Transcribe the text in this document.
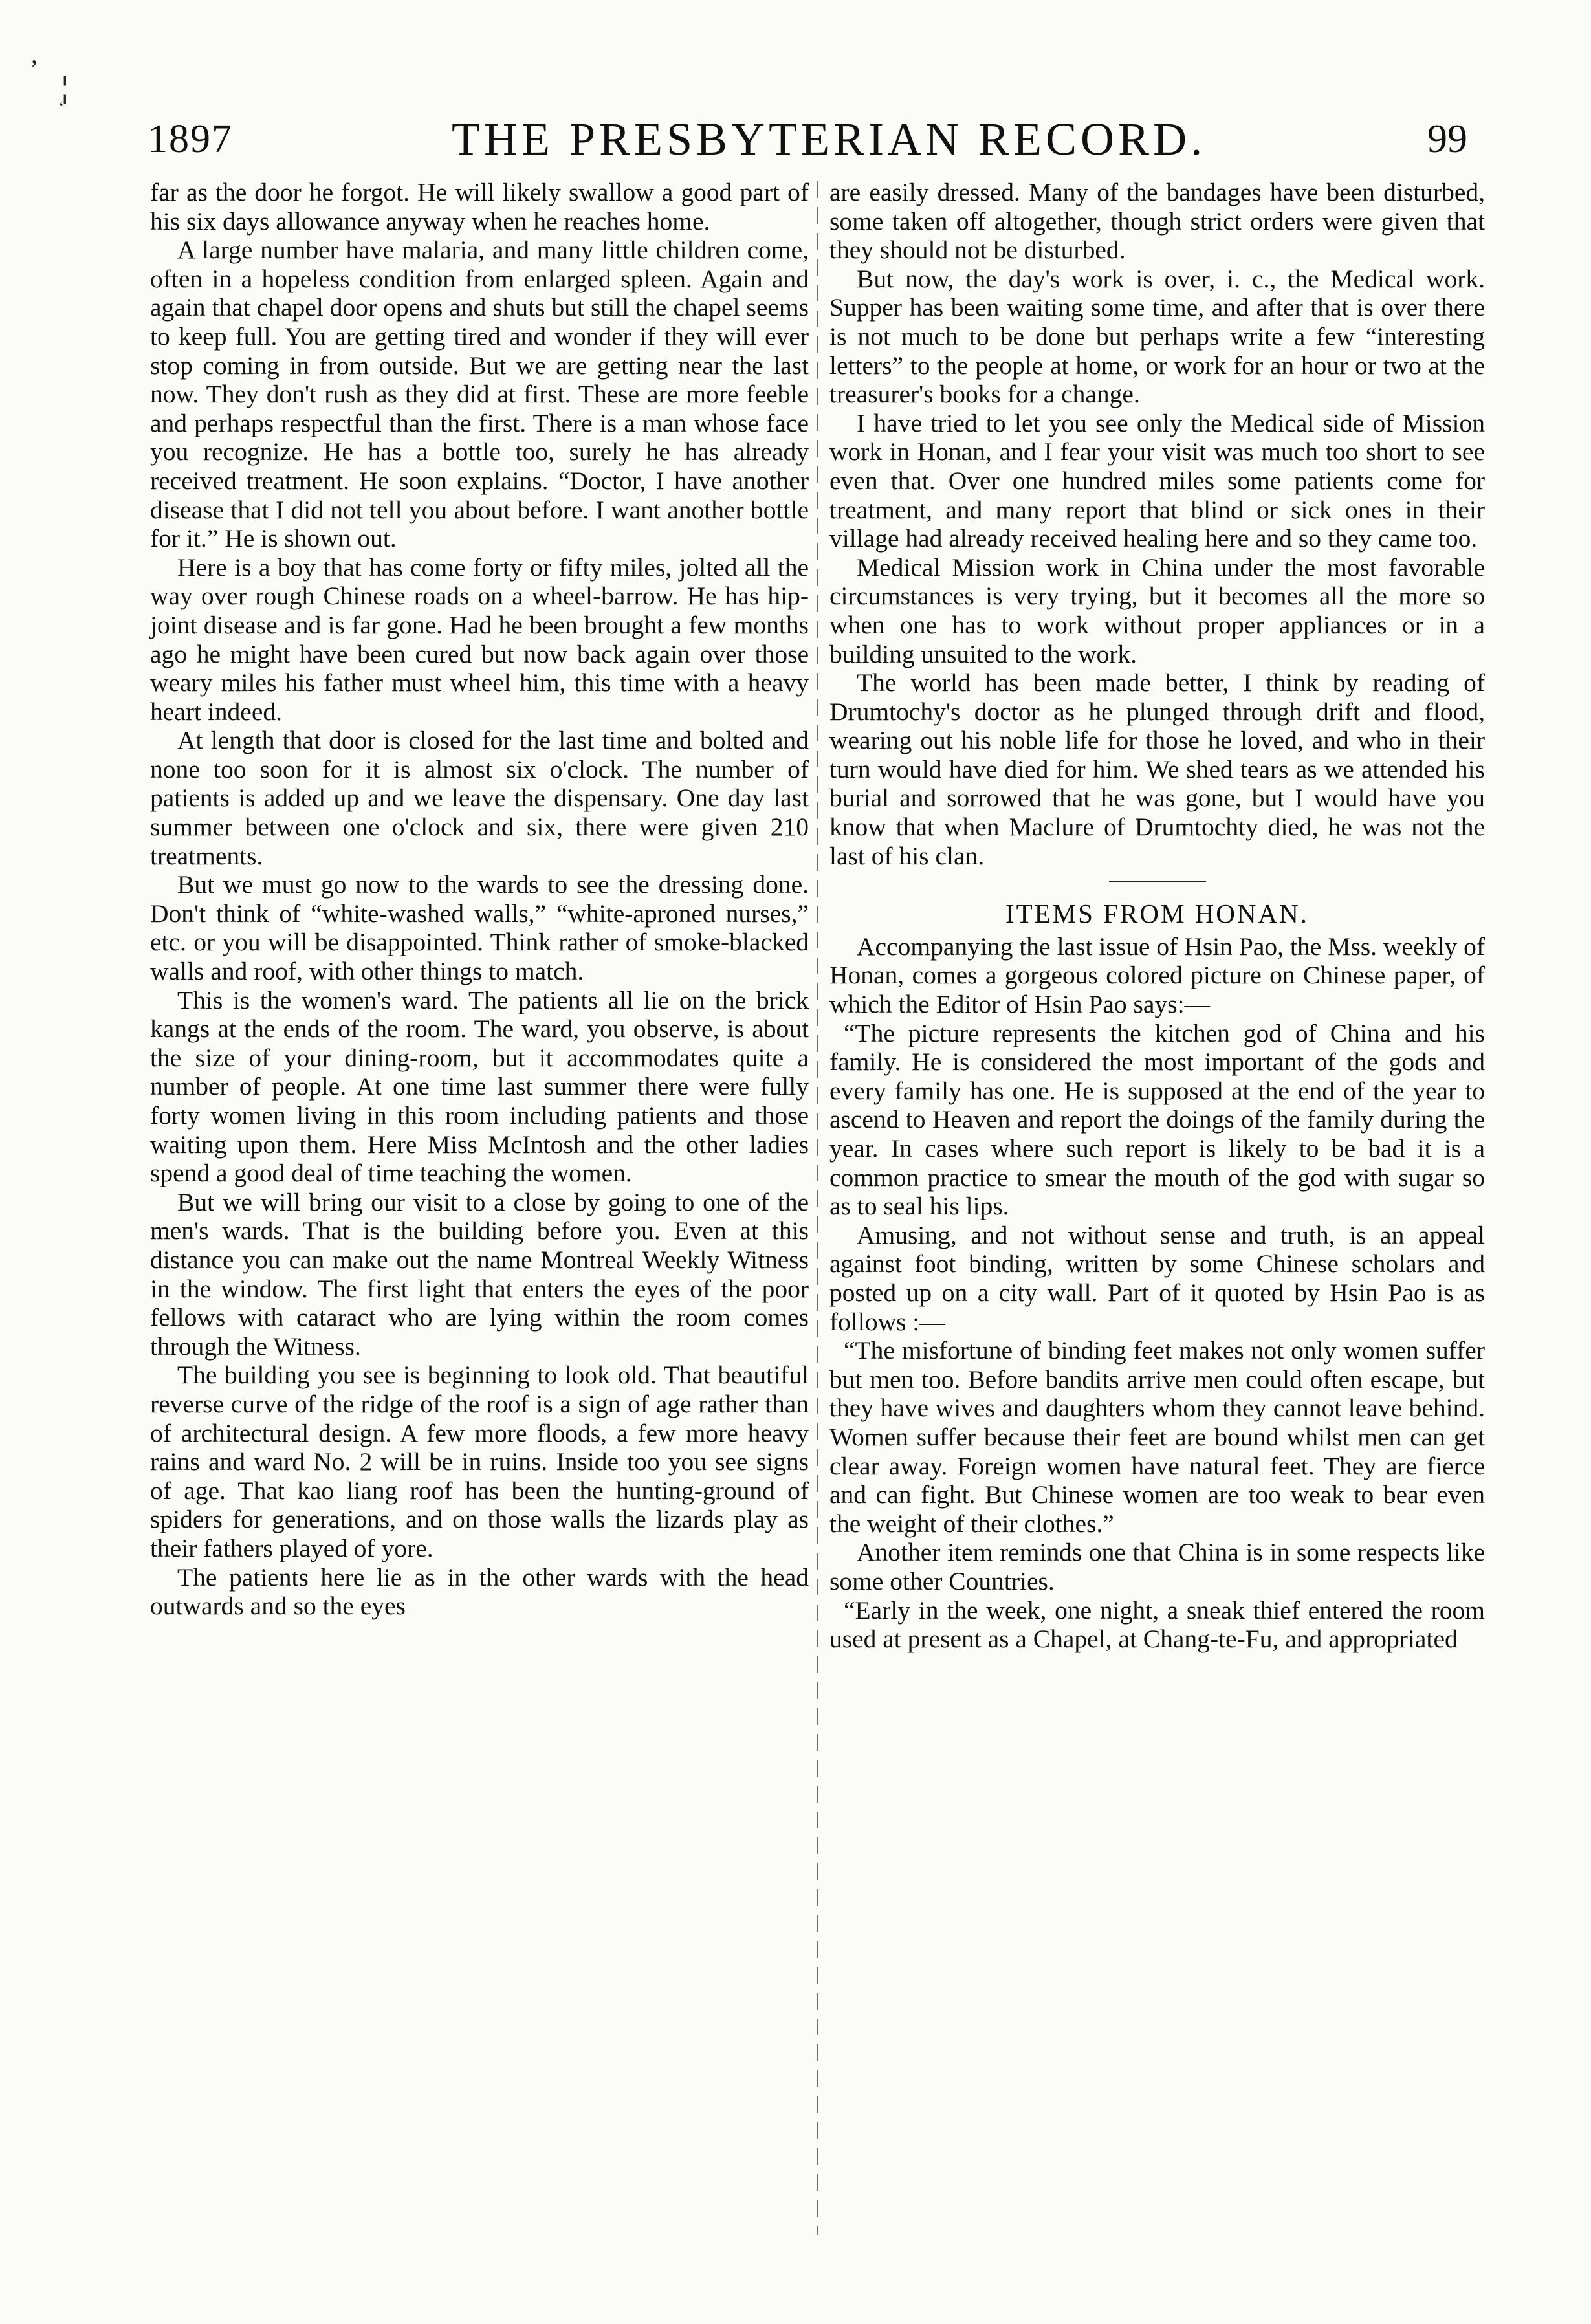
,
‘
¦
1897	THE PRESBYTERIAN RECORD.	99

far as the door he forgot. He will likely swallow a good part of his six days allowance anyway when he reaches home.

A large number have malaria, and many little children come, often in a hopeless condition from enlarged spleen. Again and again that chapel door opens and shuts but still the chapel seems to keep full. You are getting tired and wonder if they will ever stop coming in from outside. But we are getting near the last now. They don't rush as they did at first. These are more feeble and perhaps respectful than the first. There is a man whose face you recognize. He has a bottle too, surely he has already received treatment. He soon explains. “Doctor, I have another disease that I did not tell you about before. I want another bottle for it.” He is shown out.

Here is a boy that has come forty or fifty miles, jolted all the way over rough Chinese roads on a wheel-barrow. He has hip-joint disease and is far gone. Had he been brought a few months ago he might have been cured but now back again over those weary miles his father must wheel him, this time with a heavy heart indeed.

At length that door is closed for the last time and bolted and none too soon for it is almost six o'clock. The number of patients is added up and we leave the dispensary. One day last summer between one o'clock and six, there were given 210 treatments.

But we must go now to the wards to see the dressing done. Don't think of “white-washed walls,” “white-aproned nurses,” etc. or you will be disappointed. Think rather of smoke-blacked walls and roof, with other things to match.

This is the women's ward. The patients all lie on the brick kangs at the ends of the room. The ward, you observe, is about the size of your dining-room, but it accommodates quite a number of people. At one time last summer there were fully forty women living in this room including patients and those waiting upon them. Here Miss McIntosh and the other ladies spend a good deal of time teaching the women.

But we will bring our visit to a close by going to one of the men's wards. That is the building before you. Even at this distance you can make out the name Montreal Weekly Witness in the window. The first light that enters the eyes of the poor fellows with cataract who are lying within the room comes through the Witness.

The building you see is beginning to look old. That beautiful reverse curve of the ridge of the roof is a sign of age rather than of architectural design. A few more floods, a few more heavy rains and ward No. 2 will be in ruins. Inside too you see signs of age. That kao liang roof has been the hunting-ground of spiders for generations, and on those walls the lizards play as their fathers played of yore.

The patients here lie as in the other wards with the head outwards and so the eyes

are easily dressed. Many of the bandages have been disturbed, some taken off altogether, though strict orders were given that they should not be disturbed.

But now, the day's work is over, i. c., the Medical work. Supper has been waiting some time, and after that is over there is not much to be done but perhaps write a few “interesting letters” to the people at home, or work for an hour or two at the treasurer's books for a change.

I have tried to let you see only the Medical side of Mission work in Honan, and I fear your visit was much too short to see even that. Over one hundred miles some patients come for treatment, and many report that blind or sick ones in their village had already received healing here and so they came too.

Medical Mission work in China under the most favorable circumstances is very trying, but it becomes all the more so when one has to work without proper appliances or in a building unsuited to the work.

The world has been made better, I think by reading of Drumtochy's doctor as he plunged through drift and flood, wearing out his noble life for those he loved, and who in their turn would have died for him. We shed tears as we attended his burial and sorrowed that he was gone, but I would have you know that when Maclure of Drumtochty died, he was not the last of his clan.

ITEMS FROM HONAN.

Accompanying the last issue of Hsin Pao, the Mss. weekly of Honan, comes a gorgeous colored picture on Chinese paper, of which the Editor of Hsin Pao says:—

“The picture represents the kitchen god of China and his family. He is considered the most important of the gods and every family has one. He is supposed at the end of the year to ascend to Heaven and report the doings of the family during the year. In cases where such report is likely to be bad it is a common practice to smear the mouth of the god with sugar so as to seal his lips.

Amusing, and not without sense and truth, is an appeal against foot binding, written by some Chinese scholars and posted up on a city wall. Part of it quoted by Hsin Pao is as follows :—

“The misfortune of binding feet makes not only women suffer but men too. Before bandits arrive men could often escape, but they have wives and daughters whom they cannot leave behind. Women suffer because their feet are bound whilst men can get clear away. Foreign women have natural feet. They are fierce and can fight. But Chinese women are too weak to bear even the weight of their clothes.”

Another item reminds one that China is in some respects like some other Countries.

“Early in the week, one night, a sneak thief entered the room used at present as a Chapel, at Chang-te-Fu, and appropriated
